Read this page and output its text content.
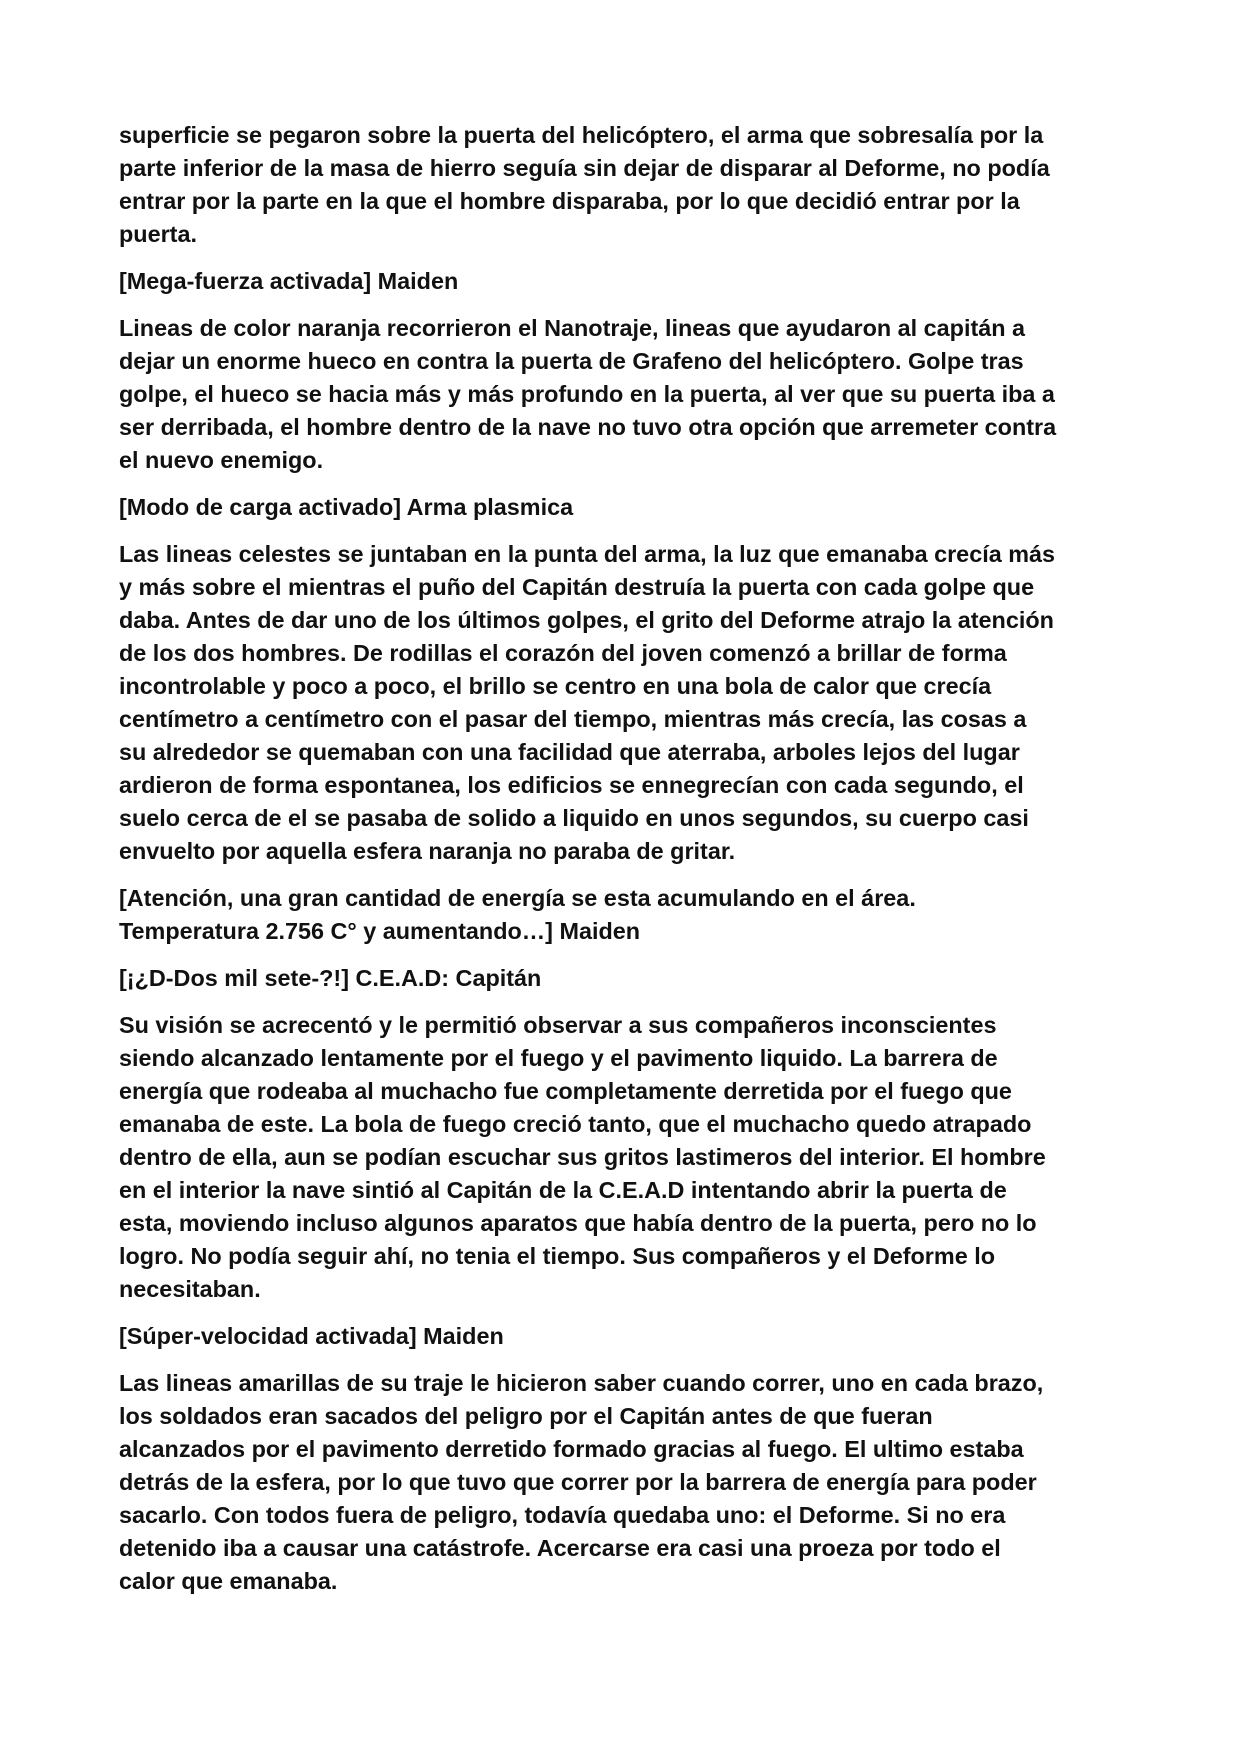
superficie se pegaron sobre la puerta del helicóptero, el arma que sobresalía por la
parte inferior de la masa de hierro seguía sin dejar de disparar al Deforme, no podía
entrar por la parte en la que el hombre disparaba, por lo que decidió entrar por la
puerta.

[Mega-fuerza activada] Maiden

Lineas de color naranja recorrieron el Nanotraje, lineas que ayudaron al capitán a
dejar un enorme hueco en contra la puerta de Grafeno del helicóptero. Golpe tras
golpe, el hueco se hacia más y más profundo en la puerta, al ver que su puerta iba a
ser derribada, el hombre dentro de la nave no tuvo otra opción que arremeter contra
el nuevo enemigo.

[Modo de carga activado] Arma plasmica

Las lineas celestes se juntaban en la punta del arma, la luz que emanaba crecía más
y más sobre el mientras el puño del Capitán destruía la puerta con cada golpe que
daba. Antes de dar uno de los últimos golpes, el grito del Deforme atrajo la atención
de los dos hombres. De rodillas el corazón del joven comenzó a brillar de forma
incontrolable y poco a poco, el brillo se centro en una bola de calor que crecía
centímetro a centímetro con el pasar del tiempo, mientras más crecía, las cosas a
su alrededor se quemaban con una facilidad que aterraba, arboles lejos del lugar
ardieron de forma espontanea, los edificios se ennegrecían con cada segundo, el
suelo cerca de el se pasaba de solido a liquido en unos segundos, su cuerpo casi
envuelto por aquella esfera naranja no paraba de gritar.

[Atención, una gran cantidad de energía se esta acumulando en el área.
Temperatura 2.756 C° y aumentando…] Maiden

[¡¿D-Dos mil sete-?!] C.E.A.D: Capitán

Su visión se acrecentó y le permitió observar a sus compañeros inconscientes
siendo alcanzado lentamente por el fuego y el pavimento liquido. La barrera de
energía que rodeaba al muchacho fue completamente derretida por el fuego que
emanaba de este. La bola de fuego creció tanto, que el muchacho quedo atrapado
dentro de ella, aun se podían escuchar sus gritos lastimeros del interior. El hombre
en el interior la nave sintió al Capitán de la C.E.A.D intentando abrir la puerta de
esta, moviendo incluso algunos aparatos que había dentro de la puerta, pero no lo
logro. No podía seguir ahí, no tenia el tiempo. Sus compañeros y el Deforme lo
necesitaban.

[Súper-velocidad activada] Maiden

Las lineas amarillas de su traje le hicieron saber cuando correr, uno en cada brazo,
los soldados eran sacados del peligro por el Capitán antes de que fueran
alcanzados por el pavimento derretido formado gracias al fuego. El ultimo estaba
detrás de la esfera, por lo que tuvo que correr por la barrera de energía para poder
sacarlo. Con todos fuera de peligro, todavía quedaba uno: el Deforme. Si no era
detenido iba a causar una catástrofe. Acercarse era casi una proeza por todo el
calor que emanaba.
